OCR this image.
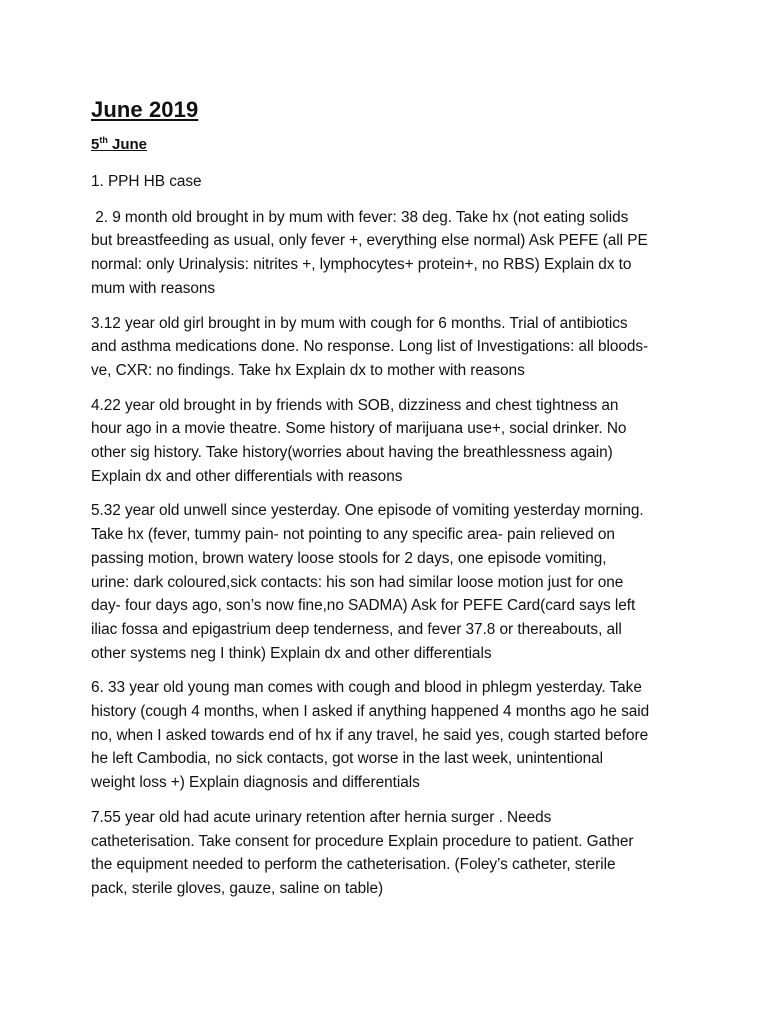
June 2019
5th June
1. PPH HB case
2. 9 month old brought in by mum with fever: 38 deg. Take hx (not eating solids
but breastfeeding as usual, only fever +, everything else normal) Ask PEFE (all PE
normal: only Urinalysis: nitrites +, lymphocytes+ protein+, no RBS) Explain dx to
mum with reasons
3.12 year old girl brought in by mum with cough for 6 months. Trial of antibiotics
and asthma medications done. No response. Long list of Investigations: all bloods-
ve, CXR: no findings. Take hx Explain dx to mother with reasons
4.22 year old brought in by friends with SOB, dizziness and chest tightness an
hour ago in a movie theatre. Some history of marijuana use+, social drinker. No
other sig history. Take history(worries about having the breathlessness again)
Explain dx and other differentials with reasons
5.32 year old unwell since yesterday. One episode of vomiting yesterday morning.
Take hx (fever, tummy pain- not pointing to any specific area- pain relieved on
passing motion, brown watery loose stools for 2 days, one episode vomiting,
urine: dark coloured,sick contacts: his son had similar loose motion just for one
day- four days ago, son’s now fine,no SADMA) Ask for PEFE Card(card says left
iliac fossa and epigastrium deep tenderness, and fever 37.8 or thereabouts, all
other systems neg I think) Explain dx and other differentials
6. 33 year old young man comes with cough and blood in phlegm yesterday. Take
history (cough 4 months, when I asked if anything happened 4 months ago he said
no, when I asked towards end of hx if any travel, he said yes, cough started before
he left Cambodia, no sick contacts, got worse in the last week, unintentional
weight loss +) Explain diagnosis and differentials
7.55 year old had acute urinary retention after hernia surger . Needs
catheterisation. Take consent for procedure Explain procedure to patient. Gather
the equipment needed to perform the catheterisation. (Foley’s catheter, sterile
pack, sterile gloves, gauze, saline on table)
